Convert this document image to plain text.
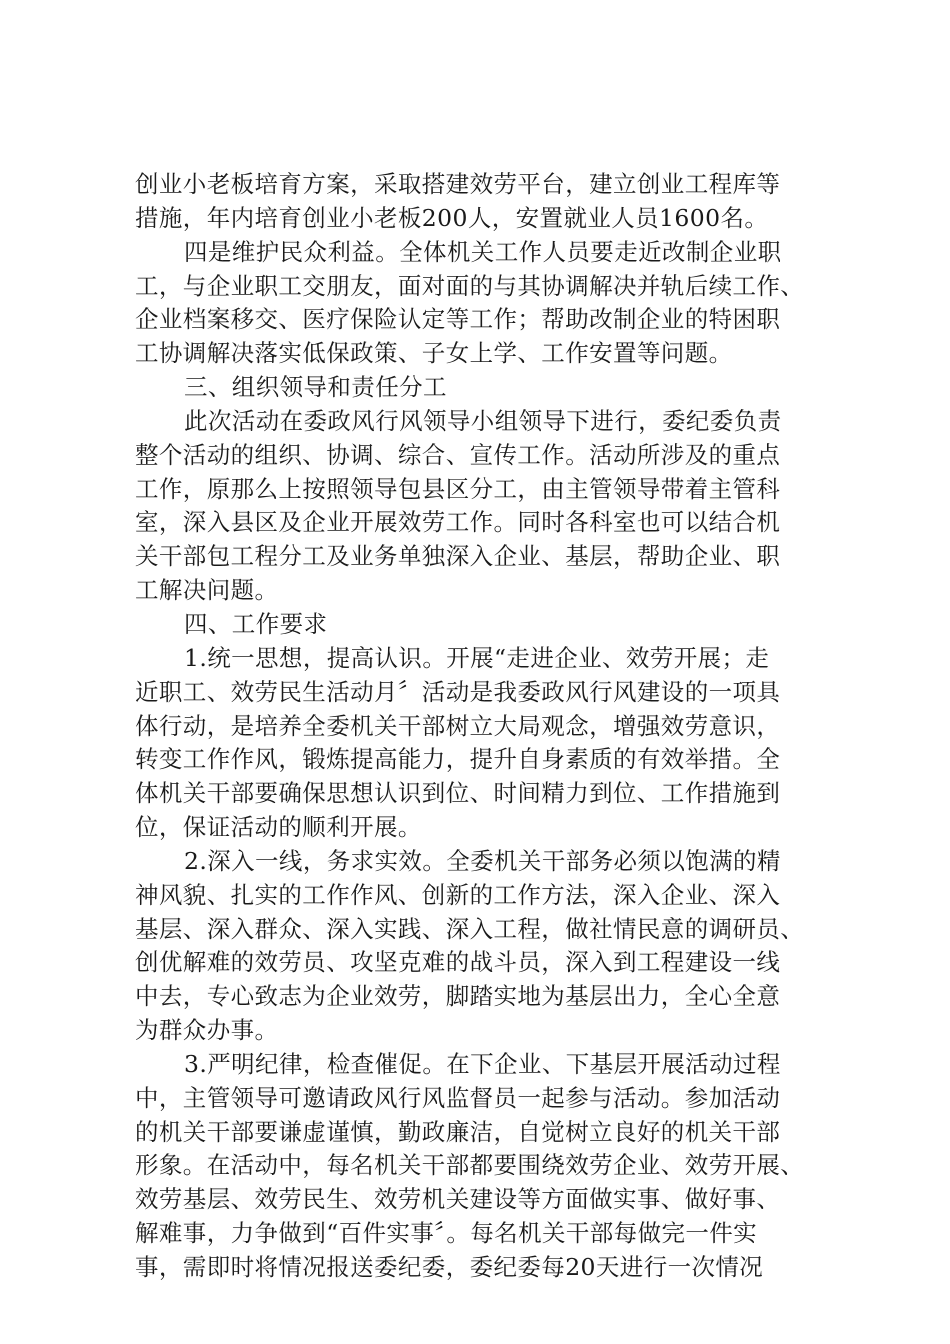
创业小老板培育方案，采取搭建效劳平台，建立创业工程库等
措施，年内培育创业小老板200人，安置就业人员1600名。
四是维护民众利益。全体机关工作人员要走近改制企业职
工，与企业职工交朋友，面对面的与其协调解决并轨后续工作、
企业档案移交、医疗保险认定等工作；帮助改制企业的特困职
工协调解决落实低保政策、子女上学、工作安置等问题。
三、组织领导和责任分工
此次活动在委政风行风领导小组领导下进行，委纪委负责
整个活动的组织、协调、综合、宣传工作。活动所涉及的重点
工作，原那么上按照领导包县区分工，由主管领导带着主管科
室，深入县区及企业开展效劳工作。同时各科室也可以结合机
关干部包工程分工及业务单独深入企业、基层，帮助企业、职
工解决问题。
四、工作要求
1.统一思想，提高认识。开展“走进企业、效劳开展；走
近职工、效劳民生活动月〞活动是我委政风行风建设的一项具
体行动，是培养全委机关干部树立大局观念，增强效劳意识，
转变工作作风，锻炼提高能力，提升自身素质的有效举措。全
体机关干部要确保思想认识到位、时间精力到位、工作措施到
位，保证活动的顺利开展。
2.深入一线，务求实效。全委机关干部务必须以饱满的精
神风貌、扎实的工作作风、创新的工作方法，深入企业、深入
基层、深入群众、深入实践、深入工程，做社情民意的调研员、
创优解难的效劳员、攻坚克难的战斗员，深入到工程建设一线
中去，专心致志为企业效劳，脚踏实地为基层出力，全心全意
为群众办事。
3.严明纪律，检查催促。在下企业、下基层开展活动过程
中，主管领导可邀请政风行风监督员一起参与活动。参加活动
的机关干部要谦虚谨慎，勤政廉洁，自觉树立良好的机关干部
形象。在活动中，每名机关干部都要围绕效劳企业、效劳开展、
效劳基层、效劳民生、效劳机关建设等方面做实事、做好事、
解难事，力争做到“百件实事〞。每名机关干部每做完一件实
事，需即时将情况报送委纪委，委纪委每20天进行一次情况
